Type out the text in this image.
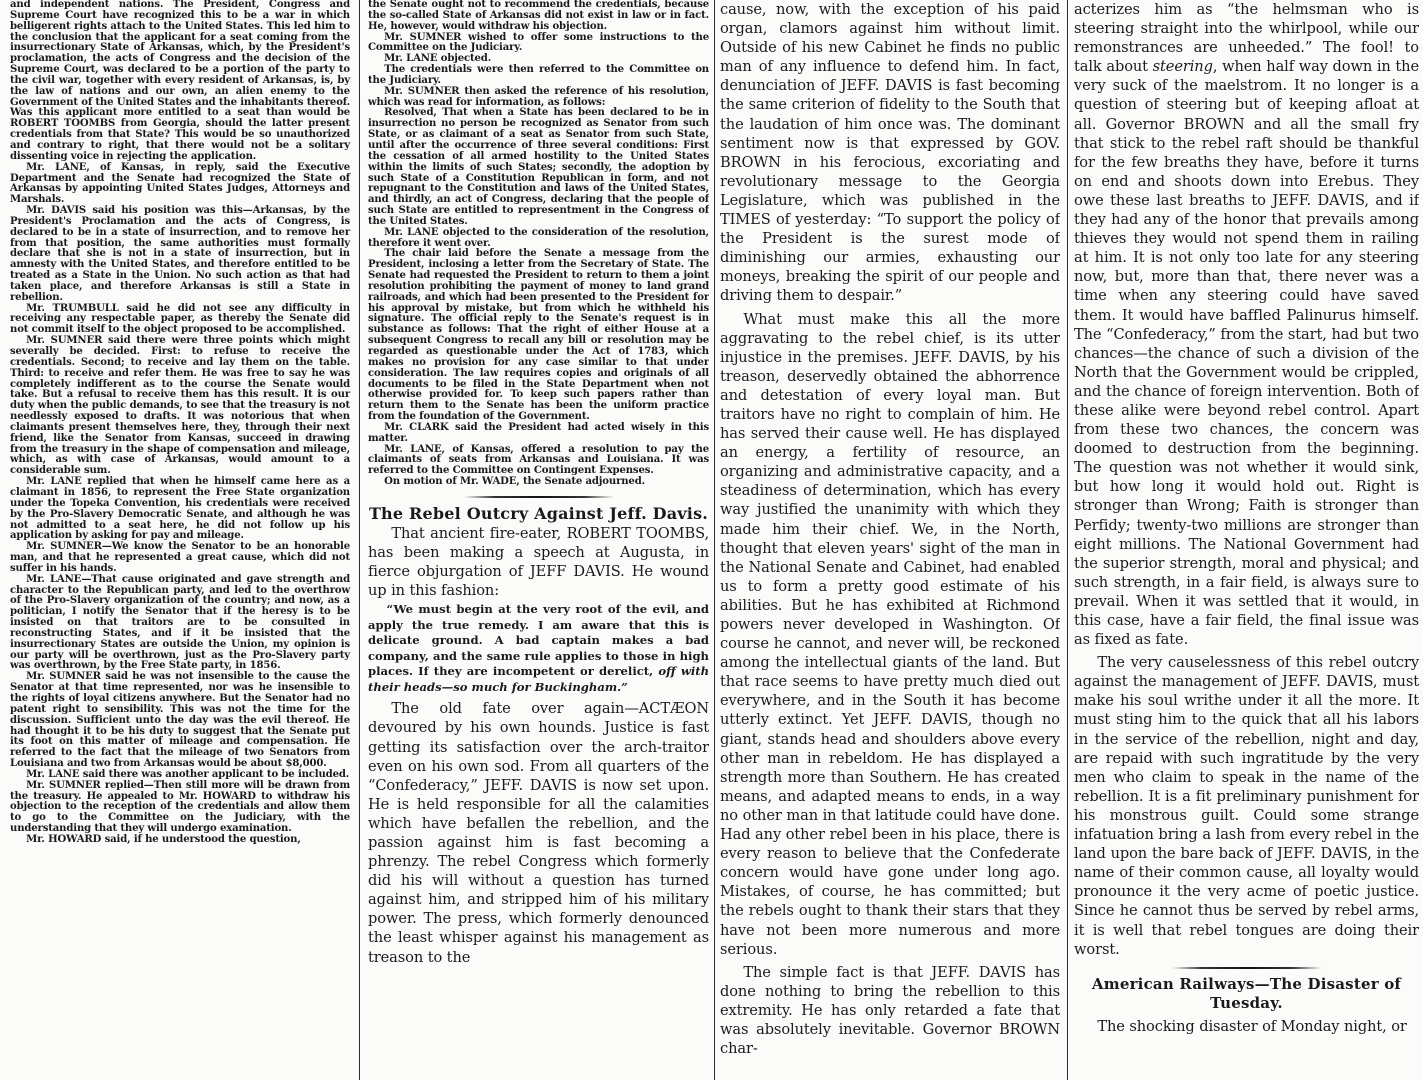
and independent nations. The President, Congress and Supreme Court have recognized this to be a war in which belligerent rights attach to the United States. This led him to the conclusion that the applicant for a seat coming from the insurrectionary State of Arkansas, which, by the President's proclamation, the acts of Congress and the decision of the Supreme Court, was declared to be a portion of the party to the civil war, together with every resident of Arkansas, is, by the law of nations and our own, an alien enemy to the Government of the United States and the inhabitants thereof. Was this applicant more entitled to a seat than would be ROBERT TOOMBS from Georgia, should the latter present credentials from that State? This would be so unauthorized and contrary to right, that there would not be a solitary dissenting voice in rejecting the application.

Mr. LANE, of Kansas, in reply, said the Executive Department and the Senate had recognized the State of Arkansas by appointing United States Judges, Attorneys and Marshals.

Mr. DAVIS said his position was this—Arkansas, by the President's Proclamation and the acts of Congress, is declared to be in a state of insurrection, and to remove her from that position, the same authorities must formally declare that she is not in a state of insurrection, but in amnesty with the United States, and therefore entitled to be treated as a State in the Union. No such action as that had taken place, and therefore Arkansas is still a State in rebellion.

Mr. TRUMBULL said he did not see any difficulty in receiving any respectable paper, as thereby the Senate did not commit itself to the object proposed to be accomplished.

Mr. SUMNER said there were three points which might severally be decided. First: to refuse to receive the credentials. Second; to receive and lay them on the table. Third: to receive and refer them. He was free to say he was completely indifferent as to the course the Senate would take. But a refusal to receive them has this result. It is our duty when the public demands, to see that the treasury is not needlessly exposed to drafts. It was notorious that when claimants present themselves here, they, through their next friend, like the Senator from Kansas, succeed in drawing from the treasury in the shape of compensation and mileage, which, as with case of Arkansas, would amount to a considerable sum.

Mr. LANE replied that when he himself came here as a claimant in 1856, to represent the Free State organization under the Topeka Convention, his credentials were received by the Pro-Slavery Democratic Senate, and although he was not admitted to a seat here, he did not follow up his application by asking for pay and mileage.

Mr. SUMNER—We know the Senator to be an honorable man, and that he represented a great cause, which did not suffer in his hands.

Mr. LANE—That cause originated and gave strength and character to the Republican party, and led to the overthrow of the Pro-Slavery organization of the country; and now, as a politician, I notify the Senator that if the heresy is to be insisted on that traitors are to be consulted in reconstructing States, and if it be insisted that the insurrectionary States are outside the Union, my opinion is our party will be overthrown, just as the Pro-Slavery party was overthrown, by the Free State party, in 1856.

Mr. SUMNER said he was not insensible to the cause the Senator at that time represented, nor was he insensible to the rights of loyal citizens anywhere. But the Senator had no patent right to sensibility. This was not the time for the discussion. Sufficient unto the day was the evil thereof. He had thought it to be his duty to suggest that the Senate put its foot on this matter of mileage and compensation. He referred to the fact that the mileage of two Senators from Louisiana and two from Arkansas would be about $8,000.

Mr. LANE said there was another applicant to be included.

Mr. SUMNER replied—Then still more will be drawn from the treasury. He appealed to Mr. HOWARD to withdraw his objection to the reception of the credentials and allow them to go to the Committee on the Judiciary, with the understanding that they will undergo examination.

Mr. HOWARD said, if he understood the question,

the Senate ought not to recommend the credentials, because the so-called State of Arkansas did not exist in law or in fact. He, however, would withdraw his objection.

Mr. SUMNER wished to offer some instructions to the Committee on the Judiciary.

Mr. LANE objected.

The credentials were then referred to the Committee on the Judiciary.

Mr. SUMNER then asked the reference of his resolution, which was read for information, as follows:

Resolved, That when a State has been declared to be in insurrection no person be recognized as Senator from such State, or as claimant of a seat as Senator from such State, until after the occurrence of three several conditions: First the cessation of all armed hostility to the United States within the limits of such States; secondly, the adoption by such State of a Constitution Republican in form, and not repugnant to the Constitution and laws of the United States, and thirdly, an act of Congress, declaring that the people of such State are entitled to representment in the Congress of the United States.

Mr. LANE objected to the consideration of the resolution, therefore it went over.

The chair laid before the Senate a message from the President, inclosing a letter from the Secretary of State. The Senate had requested the President to return to them a joint resolution prohibiting the payment of money to land grand railroads, and which had been presented to the President for his approval by mistake, but from which he withheld his signature. The official reply to the Senate's request is in substance as follows: That the right of either House at a subsequent Congress to recall any bill or resolution may be regarded as questionable under the Act of 1783, which makes no provision for any case similar to that under consideration. The law requires copies and originals of all documents to be filed in the State Department when not otherwise provided for. To keep such papers rather than return them to the Senate has been the uniform practice from the foundation of the Government.

Mr. CLARK said the President had acted wisely in this matter.

Mr. LANE, of Kansas, offered a resolution to pay the claimants of seats from Arkansas and Louisiana. It was referred to the Committee on Contingent Expenses.

On motion of Mr. WADE, the Senate adjourned.

The Rebel Outcry Against Jeff. Davis.

That ancient fire-eater, ROBERT TOOMBS, has been making a speech at Augusta, in fierce objurgation of JEFF DAVIS. He wound up in this fashion:

“We must begin at the very root of the evil, and apply the true remedy. I am aware that this is delicate ground. A bad captain makes a bad company, and the same rule applies to those in high places. If they are incompetent or derelict, off with their heads—so much for Buckingham.”

The old fate over again—ACTÆON devoured by his own hounds. Justice is fast getting its satisfaction over the arch-traitor even on his own sod. From all quarters of the “Confederacy,” JEFF. DAVIS is now set upon. He is held responsible for all the calamities which have befallen the rebellion, and the passion against him is fast becoming a phrenzy. The rebel Congress which formerly did his will without a question has turned against him, and stripped him of his military power. The press, which formerly denounced the least whisper against his management as treason to the

cause, now, with the exception of his paid organ, clamors against him without limit. Outside of his new Cabinet he finds no public man of any influence to defend him. In fact, denunciation of JEFF. DAVIS is fast becoming the same criterion of fidelity to the South that the laudation of him once was. The dominant sentiment now is that expressed by GOV. BROWN in his ferocious, excoriating and revolutionary message to the Georgia Legislature, which was published in the TIMES of yesterday: “To support the policy of the President is the surest mode of diminishing our armies, exhausting our moneys, breaking the spirit of our people and driving them to despair.”

What must make this all the more aggravating to the rebel chief, is its utter injustice in the premises. JEFF. DAVIS, by his treason, deservedly obtained the abhorrence and detestation of every loyal man. But traitors have no right to complain of him. He has served their cause well. He has displayed an energy, a fertility of resource, an organizing and administrative capacity, and a steadiness of determination, which has every way justified the unanimity with which they made him their chief. We, in the North, thought that eleven years' sight of the man in the National Senate and Cabinet, had enabled us to form a pretty good estimate of his abilities. But he has exhibited at Richmond powers never developed in Washington. Of course he cannot, and never will, be reckoned among the intellectual giants of the land. But that race seems to have pretty much died out everywhere, and in the South it has become utterly extinct. Yet JEFF. DAVIS, though no giant, stands head and shoulders above every other man in rebeldom. He has displayed a strength more than Southern. He has created means, and adapted means to ends, in a way no other man in that latitude could have done. Had any other rebel been in his place, there is every reason to believe that the Confederate concern would have gone under long ago. Mistakes, of course, he has committed; but the rebels ought to thank their stars that they have not been more numerous and more serious.

The simple fact is that JEFF. DAVIS has done nothing to bring the rebellion to this extremity. He has only retarded a fate that was absolutely inevitable. Governor BROWN char-

acterizes him as “the helmsman who is steering straight into the whirlpool, while our remonstrances are unheeded.” The fool! to talk about steering, when half way down in the very suck of the maelstrom. It no longer is a question of steering but of keeping afloat at all. Governor BROWN and all the small fry that stick to the rebel raft should be thankful for the few breaths they have, before it turns on end and shoots down into Erebus. They owe these last breaths to JEFF. DAVIS, and if they had any of the honor that prevails among thieves they would not spend them in railing at him. It is not only too late for any steering now, but, more than that, there never was a time when any steering could have saved them. It would have baffled Palinurus himself. The “Confederacy,” from the start, had but two chances—the chance of such a division of the North that the Government would be crippled, and the chance of foreign intervention. Both of these alike were beyond rebel control. Apart from these two chances, the concern was doomed to destruction from the beginning. The question was not whether it would sink, but how long it would hold out. Right is stronger than Wrong; Faith is stronger than Perfidy; twenty-two millions are stronger than eight millions. The National Government had the superior strength, moral and physical; and such strength, in a fair field, is always sure to prevail. When it was settled that it would, in this case, have a fair field, the final issue was as fixed as fate.

The very causelessness of this rebel outcry against the management of JEFF. DAVIS, must make his soul writhe under it all the more. It must sting him to the quick that all his labors in the service of the rebellion, night and day, are repaid with such ingratitude by the very men who claim to speak in the name of the rebellion. It is a fit preliminary punishment for his monstrous guilt. Could some strange infatuation bring a lash from every rebel in the land upon the bare back of JEFF. DAVIS, in the name of their common cause, all loyalty would pronounce it the very acme of poetic justice. Since he cannot thus be served by rebel arms, it is well that rebel tongues are doing their worst.

American Railways—The Disaster of Tuesday.

The shocking disaster of Monday night, or
